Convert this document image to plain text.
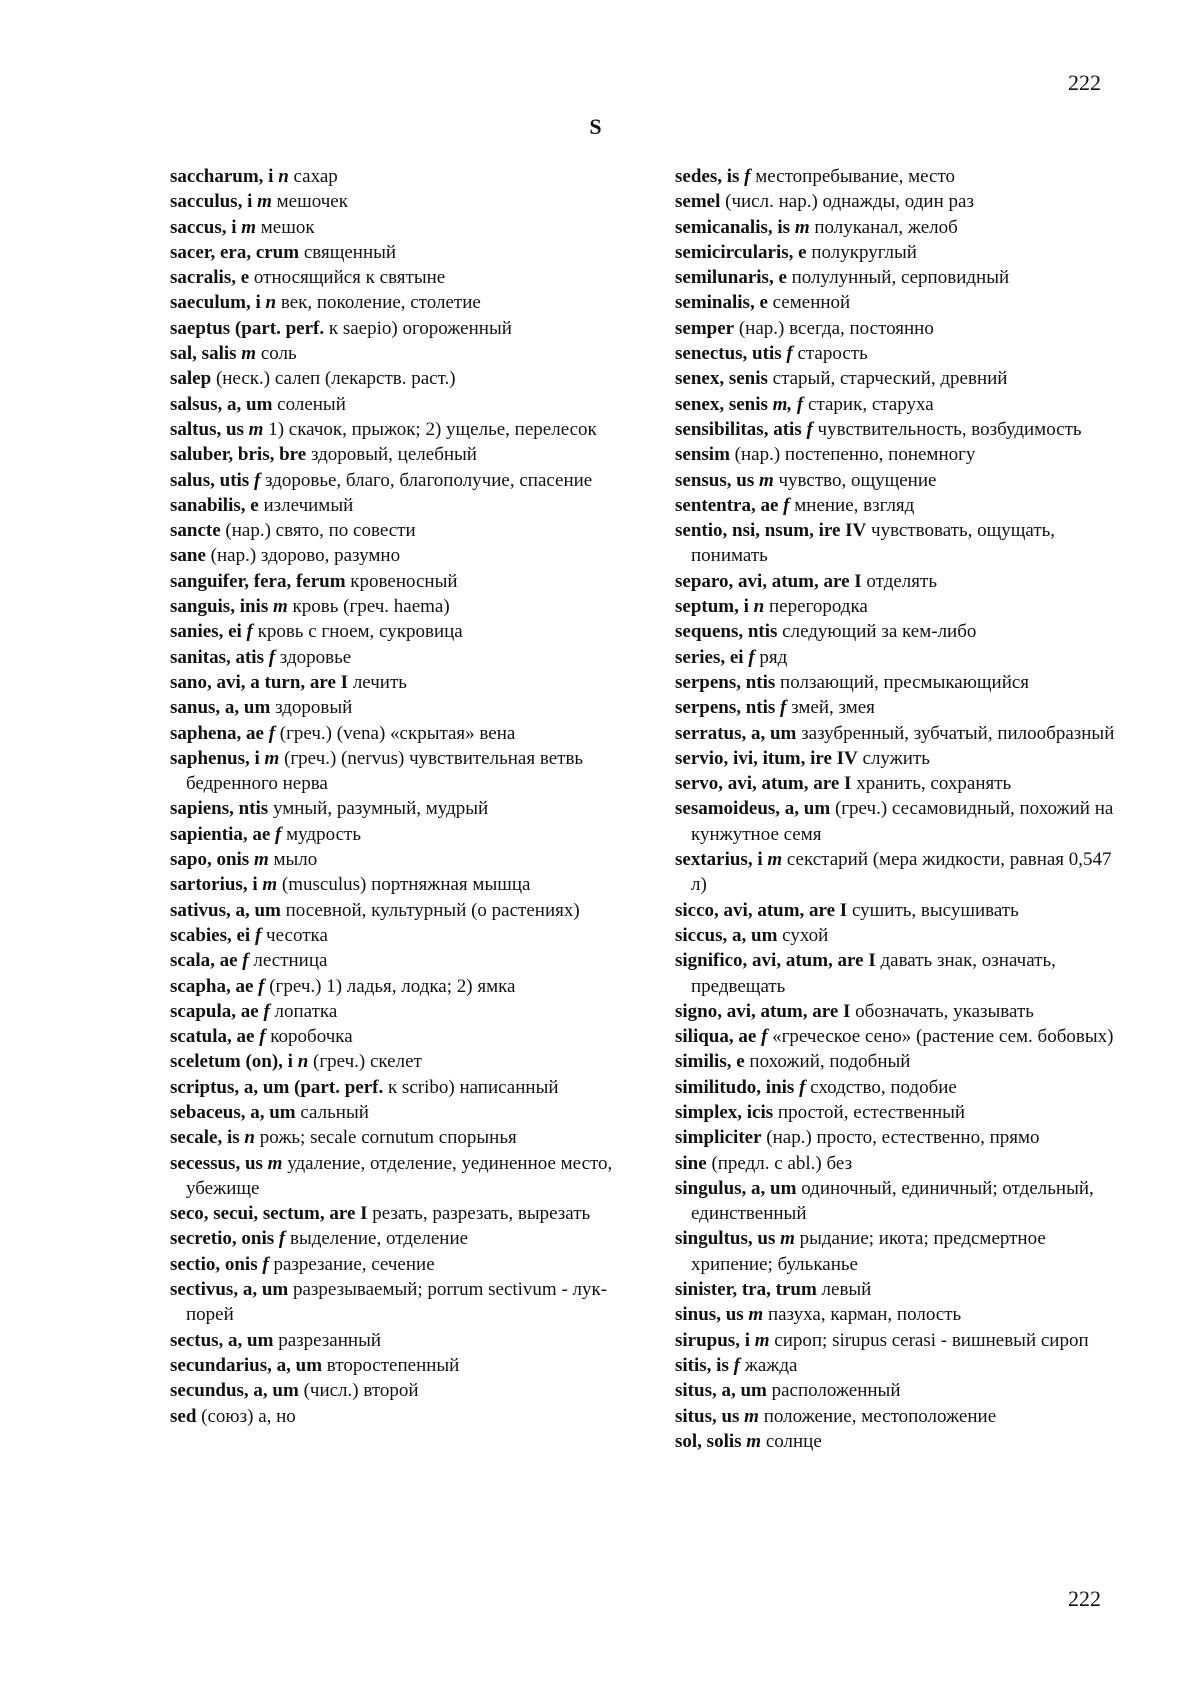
222
S

saccharum, i n сахар

sacculus, i m мешочек

saccus, i m мешок

sacer, era, crum священный

sacralis, e относящийся к святыне

saeculum, i n век, поколение, столетие

saeptus (part. perf. к saepio) огороженный

sal, salis m соль

salep (неск.) салеп (лекарств. раст.)

salsus, a, um соленый

saltus, us m 1) скачок, прыжок; 2) ущелье, перелесок

saluber, bris, bre здоровый, целебный

salus, utis f здоровье, благо, благополучие, спасение

sanabilis, e излечимый

sancte (нар.) свято, по совести

sane (нар.) здорово, разумно

sanguifer, fera, ferum кровеносный

sanguis, inis m кровь (греч. haema)

sanies, ei f кровь с гноем, сукровица

sanitas, atis f здоровье

sano, avi, a turn, are I лечить

sanus, a, um здоровый

saphena, ae f (греч.) (vena) «скрытая» вена

saphenus, i m (греч.) (nervus) чувствительная ветвь бедренного нерва

sapiens, ntis умный, разумный, мудрый

sapientia, ae f мудрость

sapo, onis m мыло

sartorius, i m (musculus) портняжная мышца

sativus, a, um посевной, культурный (о растениях)

scabies, ei f чесотка

scala, ae f лестница

scapha, ae f (греч.) 1) ладья, лодка; 2) ямка

scapula, ae f лопатка

scatula, ae f коробочка

sceletum (on), i n (греч.) скелет

scriptus, a, um (part. perf. к scribo) написанный

sebaceus, a, um сальный

secale, is n рожь; secale cornutum спорынья

secessus, us m удаление, отделение, уединенное место, убежище

seco, secui, sectum, are I резать, разрезать, вырезать

secretio, onis f выделение, отделение

sectio, onis f разрезание, сечение

sectivus, a, um разрезываемый; porrum sectivum - лук-порей

sectus, a, um разрезанный

secundarius, a, um второстепенный

secundus, a, um (числ.) второй

sed (союз) а, но

sedes, is f местопребывание, место

semel (числ. нар.) однажды, один раз

semicanalis, is m полуканал, желоб

semicircularis, e полукруглый

semilunaris, e полулунный, серповидный

seminalis, e семенной

semper (нар.) всегда, постоянно

senectus, utis f старость

senex, senis старый, старческий, древний

senex, senis m, f старик, старуха

sensibilitas, atis f чувствительность, возбудимость

sensim (нар.) постепенно, понемногу

sensus, us m чувство, ощущение

sententra, ae f мнение, взгляд

sentio, nsi, nsum, ire IV чувствовать, ощущать, понимать

separo, avi, atum, are I отделять

septum, i n перегородка

sequens, ntis следующий за кем-либо

series, ei f ряд

serpens, ntis ползающий, пресмыкающийся

serpens, ntis f змей, змея

serratus, a, um зазубренный, зубчатый, пилообразный

servio, ivi, itum, ire IV служить

servo, avi, atum, are I хранить, сохранять

sesamoideus, a, um (греч.) сесамовидный, похожий на кунжутное семя

sextarius, i m секстарий (мера жидкости, равная 0,547 л)

sicco, avi, atum, are I сушить, высушивать

siccus, a, um сухой

significo, avi, atum, are I давать знак, означать, предвещать

signo, avi, atum, are I обозначать, указывать

siliqua, ae f «греческое сено» (растение сем. бобовых)

similis, e похожий, подобный

similitudo, inis f сходство, подобие

simplex, icis простой, естественный

simpliciter (нар.) просто, естественно, прямо

sine (предл. с abl.) без

singulus, a, um одиночный, единичный; отдельный, единственный

singultus, us m рыдание; икота; предсмертное хрипение; бульканье

sinister, tra, trum левый

sinus, us m пазуха, карман, полость

sirupus, i m сироп; sirupus cerasi - вишневый сироп

sitis, is f жажда

situs, a, um расположенный

situs, us m положение, местоположение

sol, solis m солнце

222
